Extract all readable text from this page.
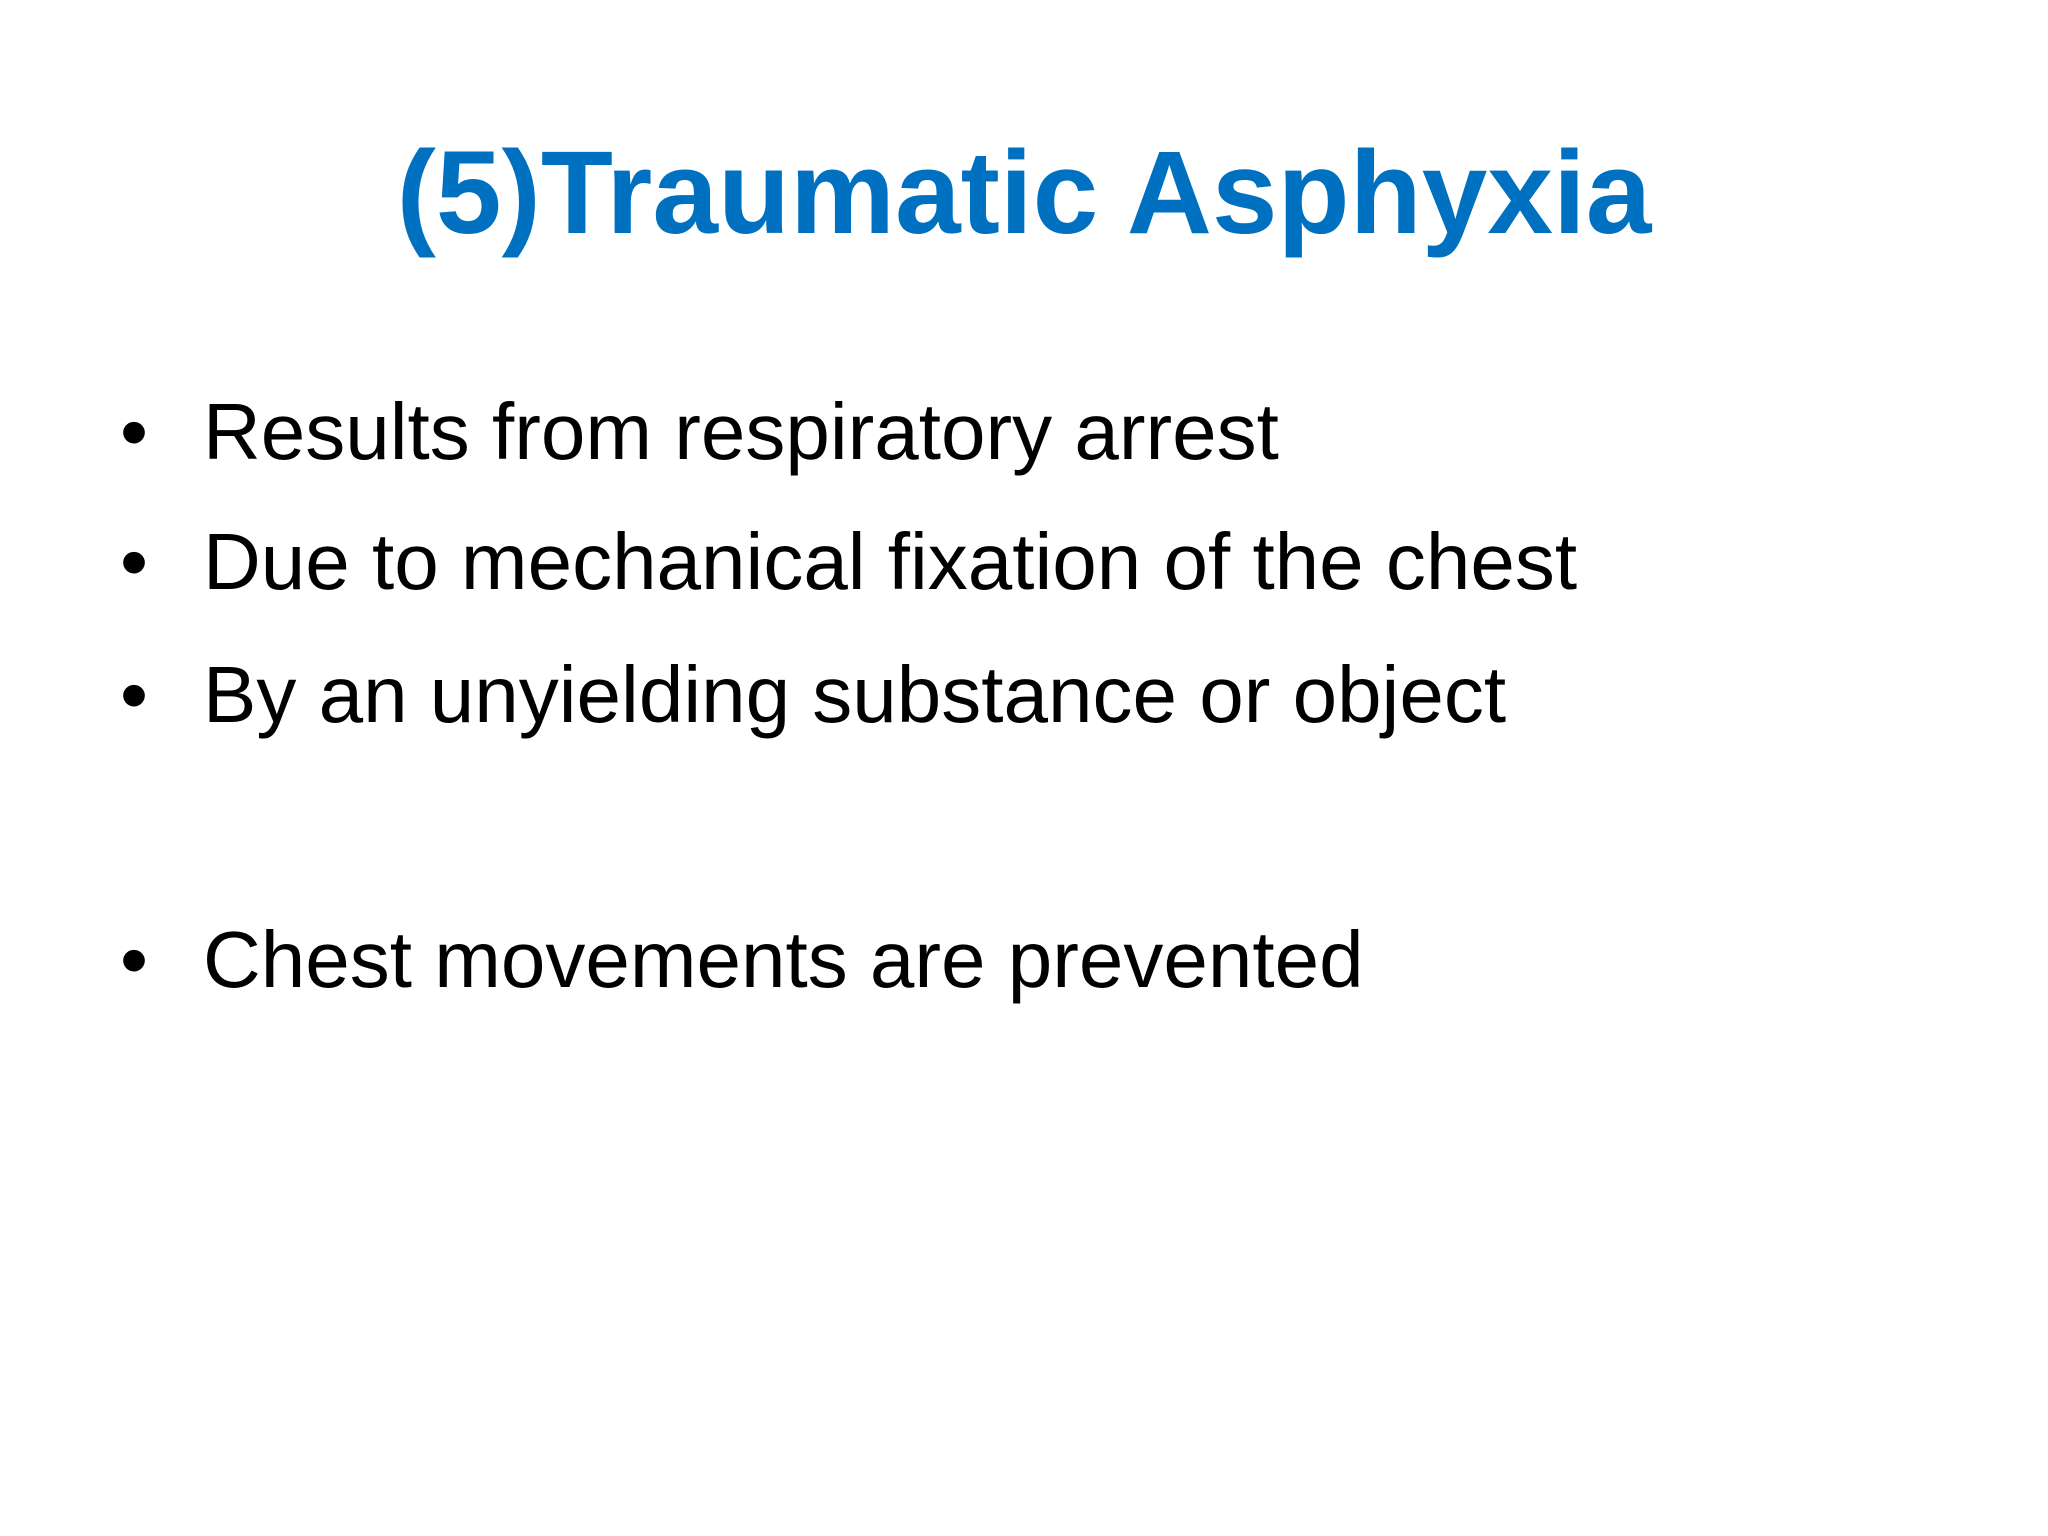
(5)Traumatic Asphyxia
• Results from respiratory arrest
• Due to mechanical fixation of the chest
• By an unyielding substance or object
• Chest movements are prevented
